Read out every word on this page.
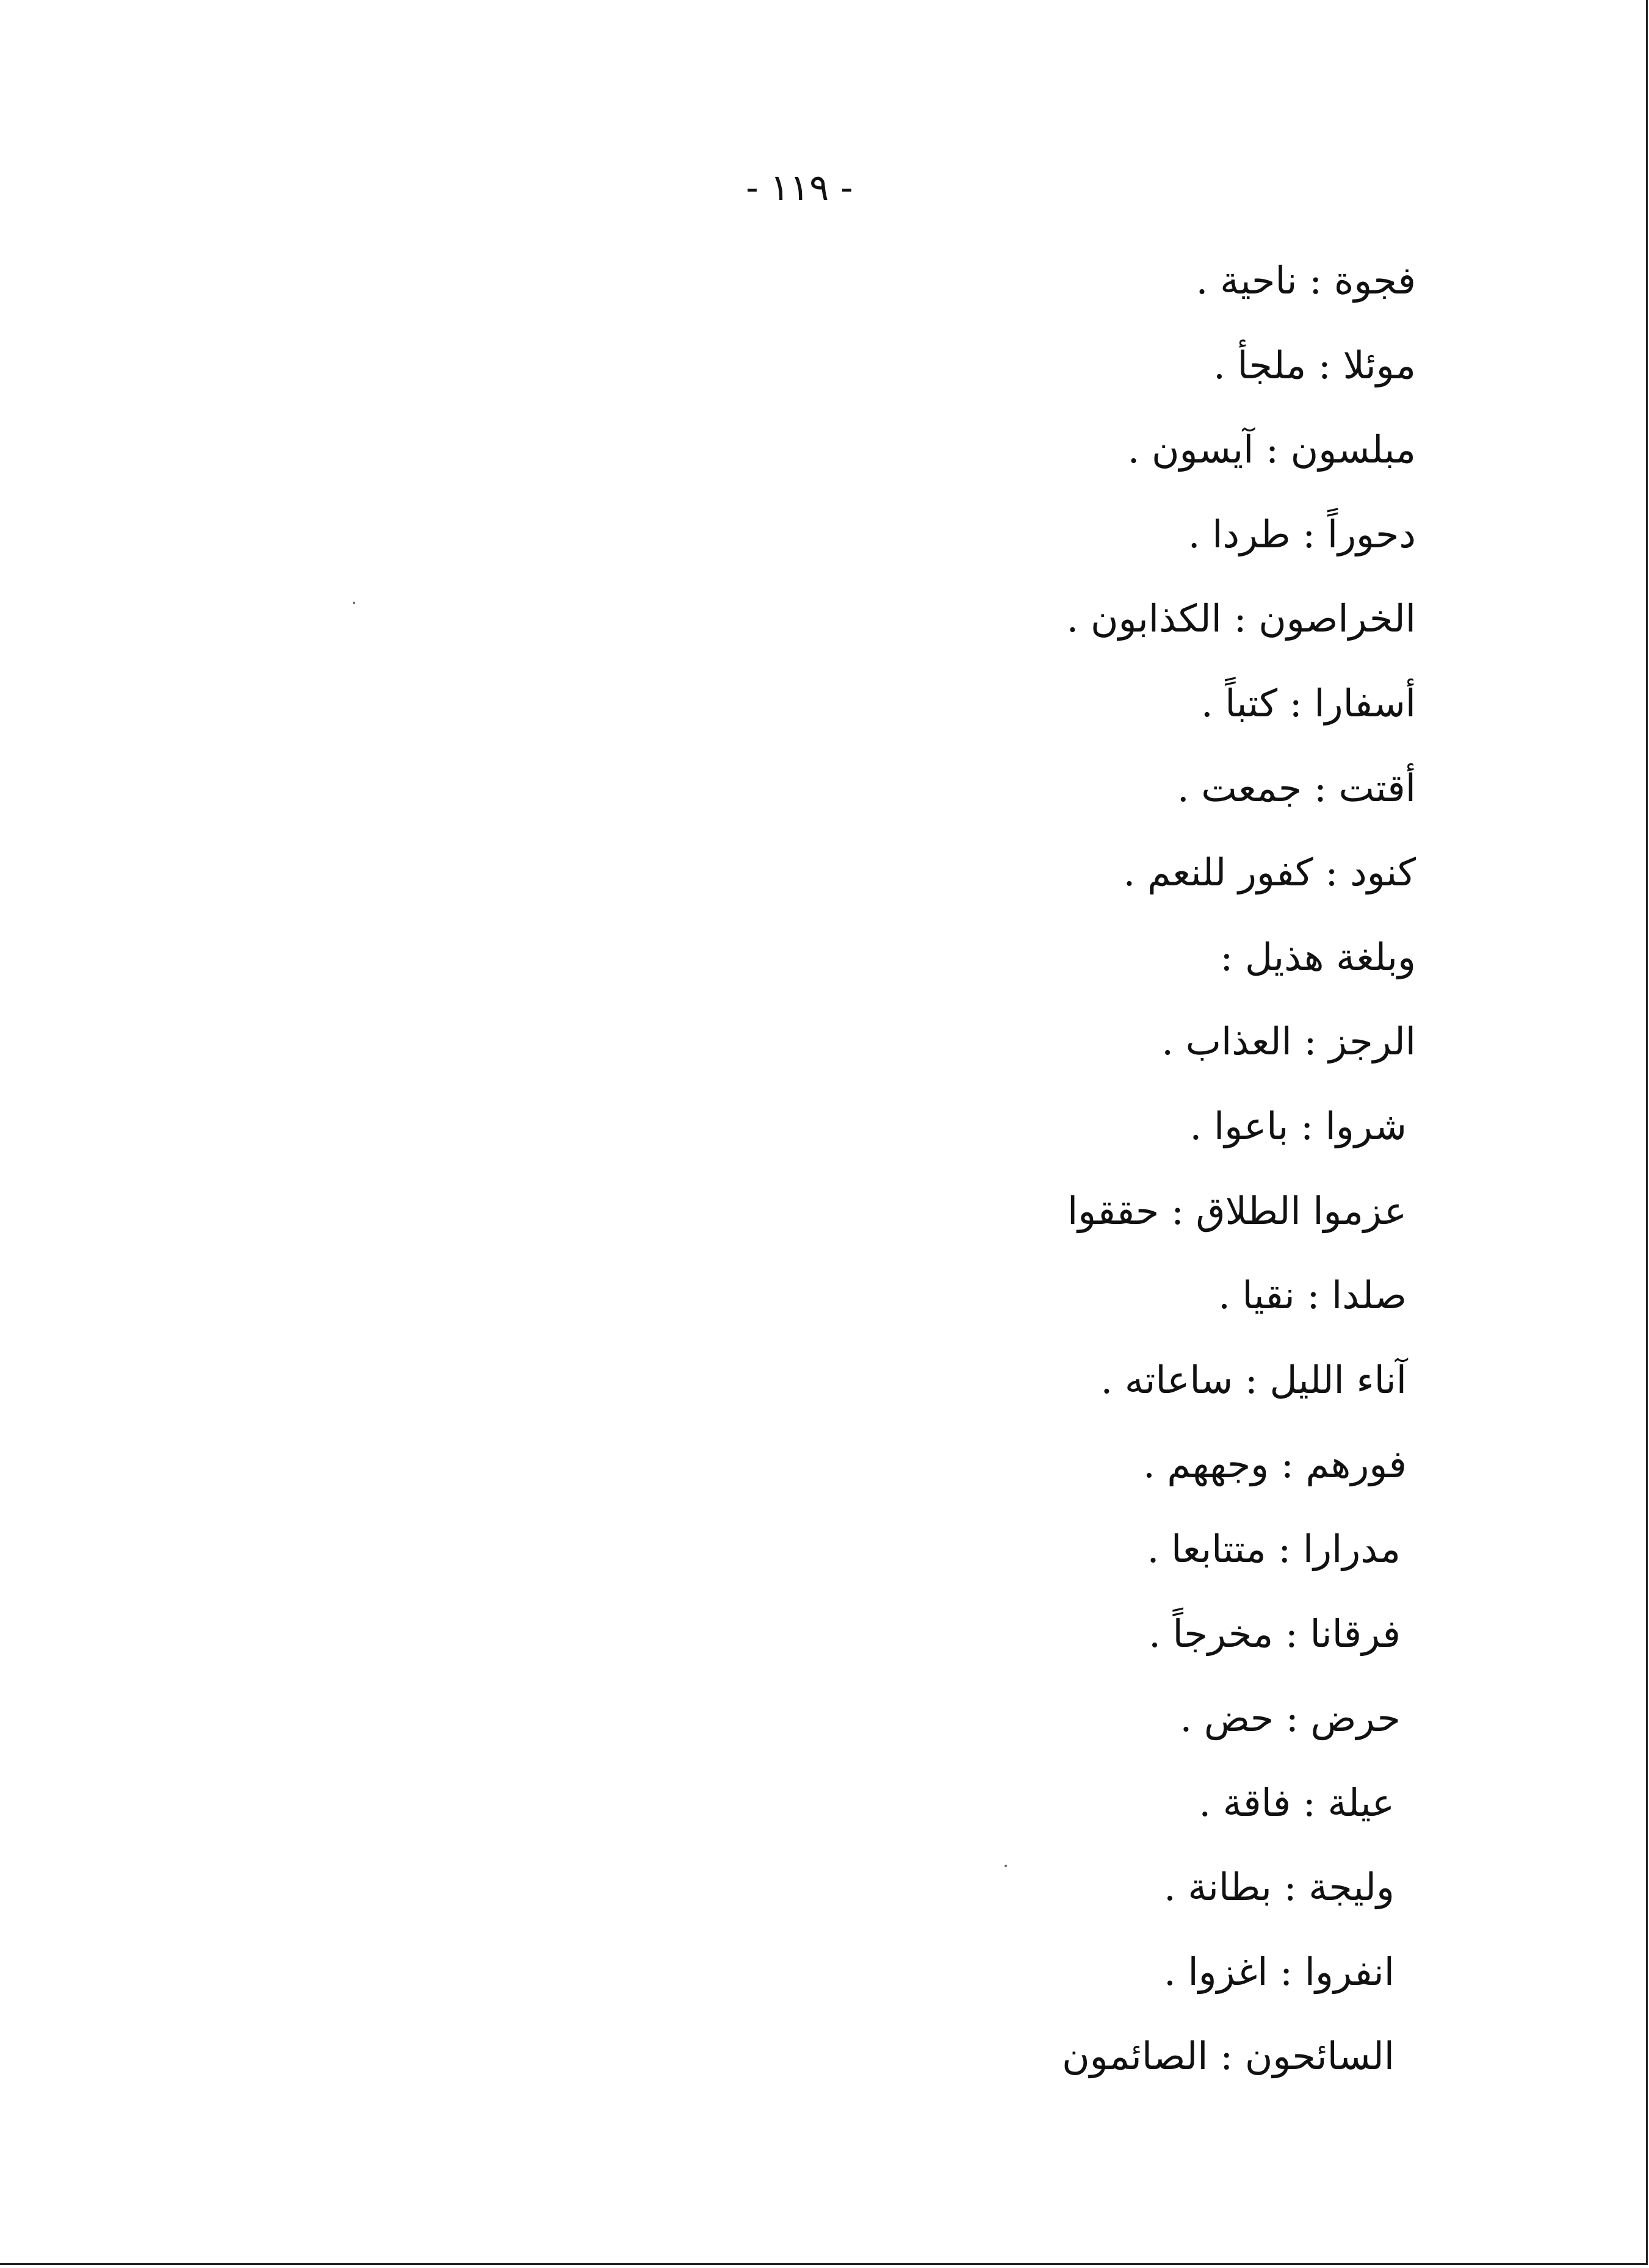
- ١١٩ -
فجوة : ناحية .
موئلا : ملجأ .
مبلسون : آيسون .
دحوراً : طردا .
الخراصون : الكذابون .
أسفارا : كتباً .
أقتت : جمعت .
كنود : كفور للنعم .
وبلغة هذيل :
الرجز : العذاب .
شروا : باعوا .
عزموا الطلاق : حققوا
صلدا : نقيا .
آناء الليل : ساعاته .
فورهم : وجههم .
مدرارا : متتابعا .
فرقانا : مخرجاً .
حرض : حض .
عيلة : فاقة .
وليجة : بطانة .
انفروا : اغزوا .
السائحون : الصائمون
